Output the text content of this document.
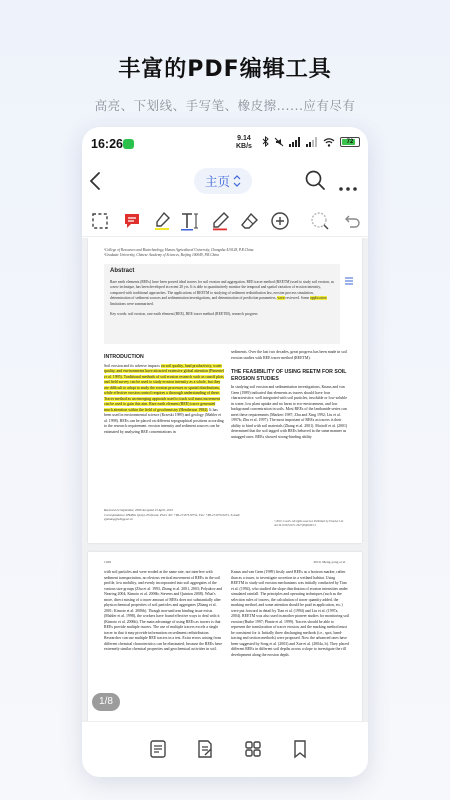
丰富的PDF编辑工具
高亮、下划线、手写笔、橡皮擦......应有尽有
16:26	9.14
KB/s
72
主页
¹College of Resources and Biotechnology, Hunan Agricultural University, Changsha 410128, P.R.China
²Graduate University, Chinese Academy of Sciences, Beijing 100049, P.R.China
Abstract
Rare earth elements (REEs) have been proved ideal tracers for soil erosion and aggregation. REE tracer method (REETM) used to study soil erosion, as a new technique, has been developed in recent 20 yrs. It is able to quantitatively monitor the temporal and spatial variation of erosion intensity, compared with traditional approaches. The applications of REETM to studying of sediment redistribution law, erosion process simulation, determination of sediment sources and sedimentation investigations, and determination of prediction parameters, were reviewed. Some application limitations were summarized.
Key words: soil erosion, rare earth element (REE), REE tracer method (REETM), research progress
INTRODUCTION
Soil erosion and its adverse impacts on soil quality, land productivity, water quality, and environments have attracted extensive global attention (Pimentel et al. 1995). Traditional methods of soil erosion research such as runoff plots and field survey can be used to study erosion intensity as a whole, but they are difficult to adopt to study the erosion processes or spatial distributions, while effective erosion control requires a thorough understanding of these. Tracer method as an emerging approach used to track soil mass movement can be used to gain this aim. Rare earth element (REE) tracer generated much attention within the field of geochemistry (Henderson 1984). It has been used in environmental science (Krzeski 1989) and geology (Mahler et al. 1998). REEs can be placed on different topographical positions according to the research requirement. erosion intensity and sediment sources can be estimated by analyzing REE concentrations in
sediments. Over the last two decades, great progress has been made in soil erosion studies with REE tracer method (REETM).
THE FEASIBILITY OF USING REETM FOR SOIL EROSION STUDIES
In studying soil erosion and sedimentation investigations, Knaus and van Geen (1989) indicated that elements as tracers should have four characteristics: well integrated with soil particles, insoluble or low-soluble in water, low plant uptake and no harm to eco-environment, and low background concentration in soils. Most REEs of the lanthanide series can meet these requirements (Markert 1987; Zhu and Xing 1992; Liu et al. 1997b; Zhu et al. 1997). The most important of REEs as tracers is their ability to bind with soil materials (Zhang et al. 2001). Mottoff et al. (2001) determined that the soil tagged with REEs behaved in the same manner as untagged ones. REEs showed strong-binding ability
Received 22 September, 2009 Accepted 13 April, 2010
Correspondence ZHANG Qunyi, Professor, Ph.D, Tel: +86-27-87510752, Fax: +86-27-87510251, E-mail: qyzhang@whigg.ac.cn
©2010, CAAS. All rights reserved. Published by Elsevier Ltd. doi:10.1016/S1671-2927(09)60203-3
1168	2010, Meng-yang et al.
with soil particles and were eroded at the same rate, not interfere with sediment transportation, no obvious vertical movement of REEs in the soil profile, low mobility, and evenly incorporated into soil aggregates of the various size groups (Zhu et al. 1993, Zhang et al. 2001, 2003; Polyakov and Nearing 2004; Kimoto et al. 2006b; Stevens and Quinton 2008). What's more, direct mixing of a tracer amount of REEs does not substantially alter physicochemical properties of soil particles and aggregates (Zhang et al. 2001; Kimoto et al. 2006b). Though non-uniform binding issue exists (Mahler et al. 1998), the workers have found effective ways to deal with it (Kimoto et al. 2006b). The main advantage of using REEs as tracers is that REEs provide multiple tracers. The use of multiple tracers excels a single tracer in that it may provide information on sediment redistribution. Researcher can use multiple REE tracers in a test. Extra errors arising from different chemical characteristics can be eliminated, because the REEs have extremely similar chemical properties and geochemical activities in soil.
Knaus and van Geen (1989) firstly used REEs as a horizon marker, rather than as a tracer, to investigate accretion in a wetland habitat. Using REETM to study soil erosion mechanisms was initially conducted by Tian et al. (1994), who studied the slope distribution of erosion intensities under simulated rainfall. The principles and operating techniques (such as the selection rules of tracers, the calculation of tracer quantity added, the marking method, and some attention should be paid in application, etc.) were put forward in detail by Tian et al. (1994) and Liu et al. (1997a, 2004). REETM was also used in another pioneer studies for monitoring soil erosion (Ruthe 1997; Plante et al. 1999). Tracers should be able to represent the translocation of tracer erosion, and the marking method must be consistent for it. Initially three discharging methods (i.e., spot, band-tracing and section methods) were proposed. Now the advanced ones have been suggested by Song et al. (2003) and Xue et al. (2004a, b). They placed different REEs in different soil depths across a slope to investigate the rill development along the erosion depth.
1/8
